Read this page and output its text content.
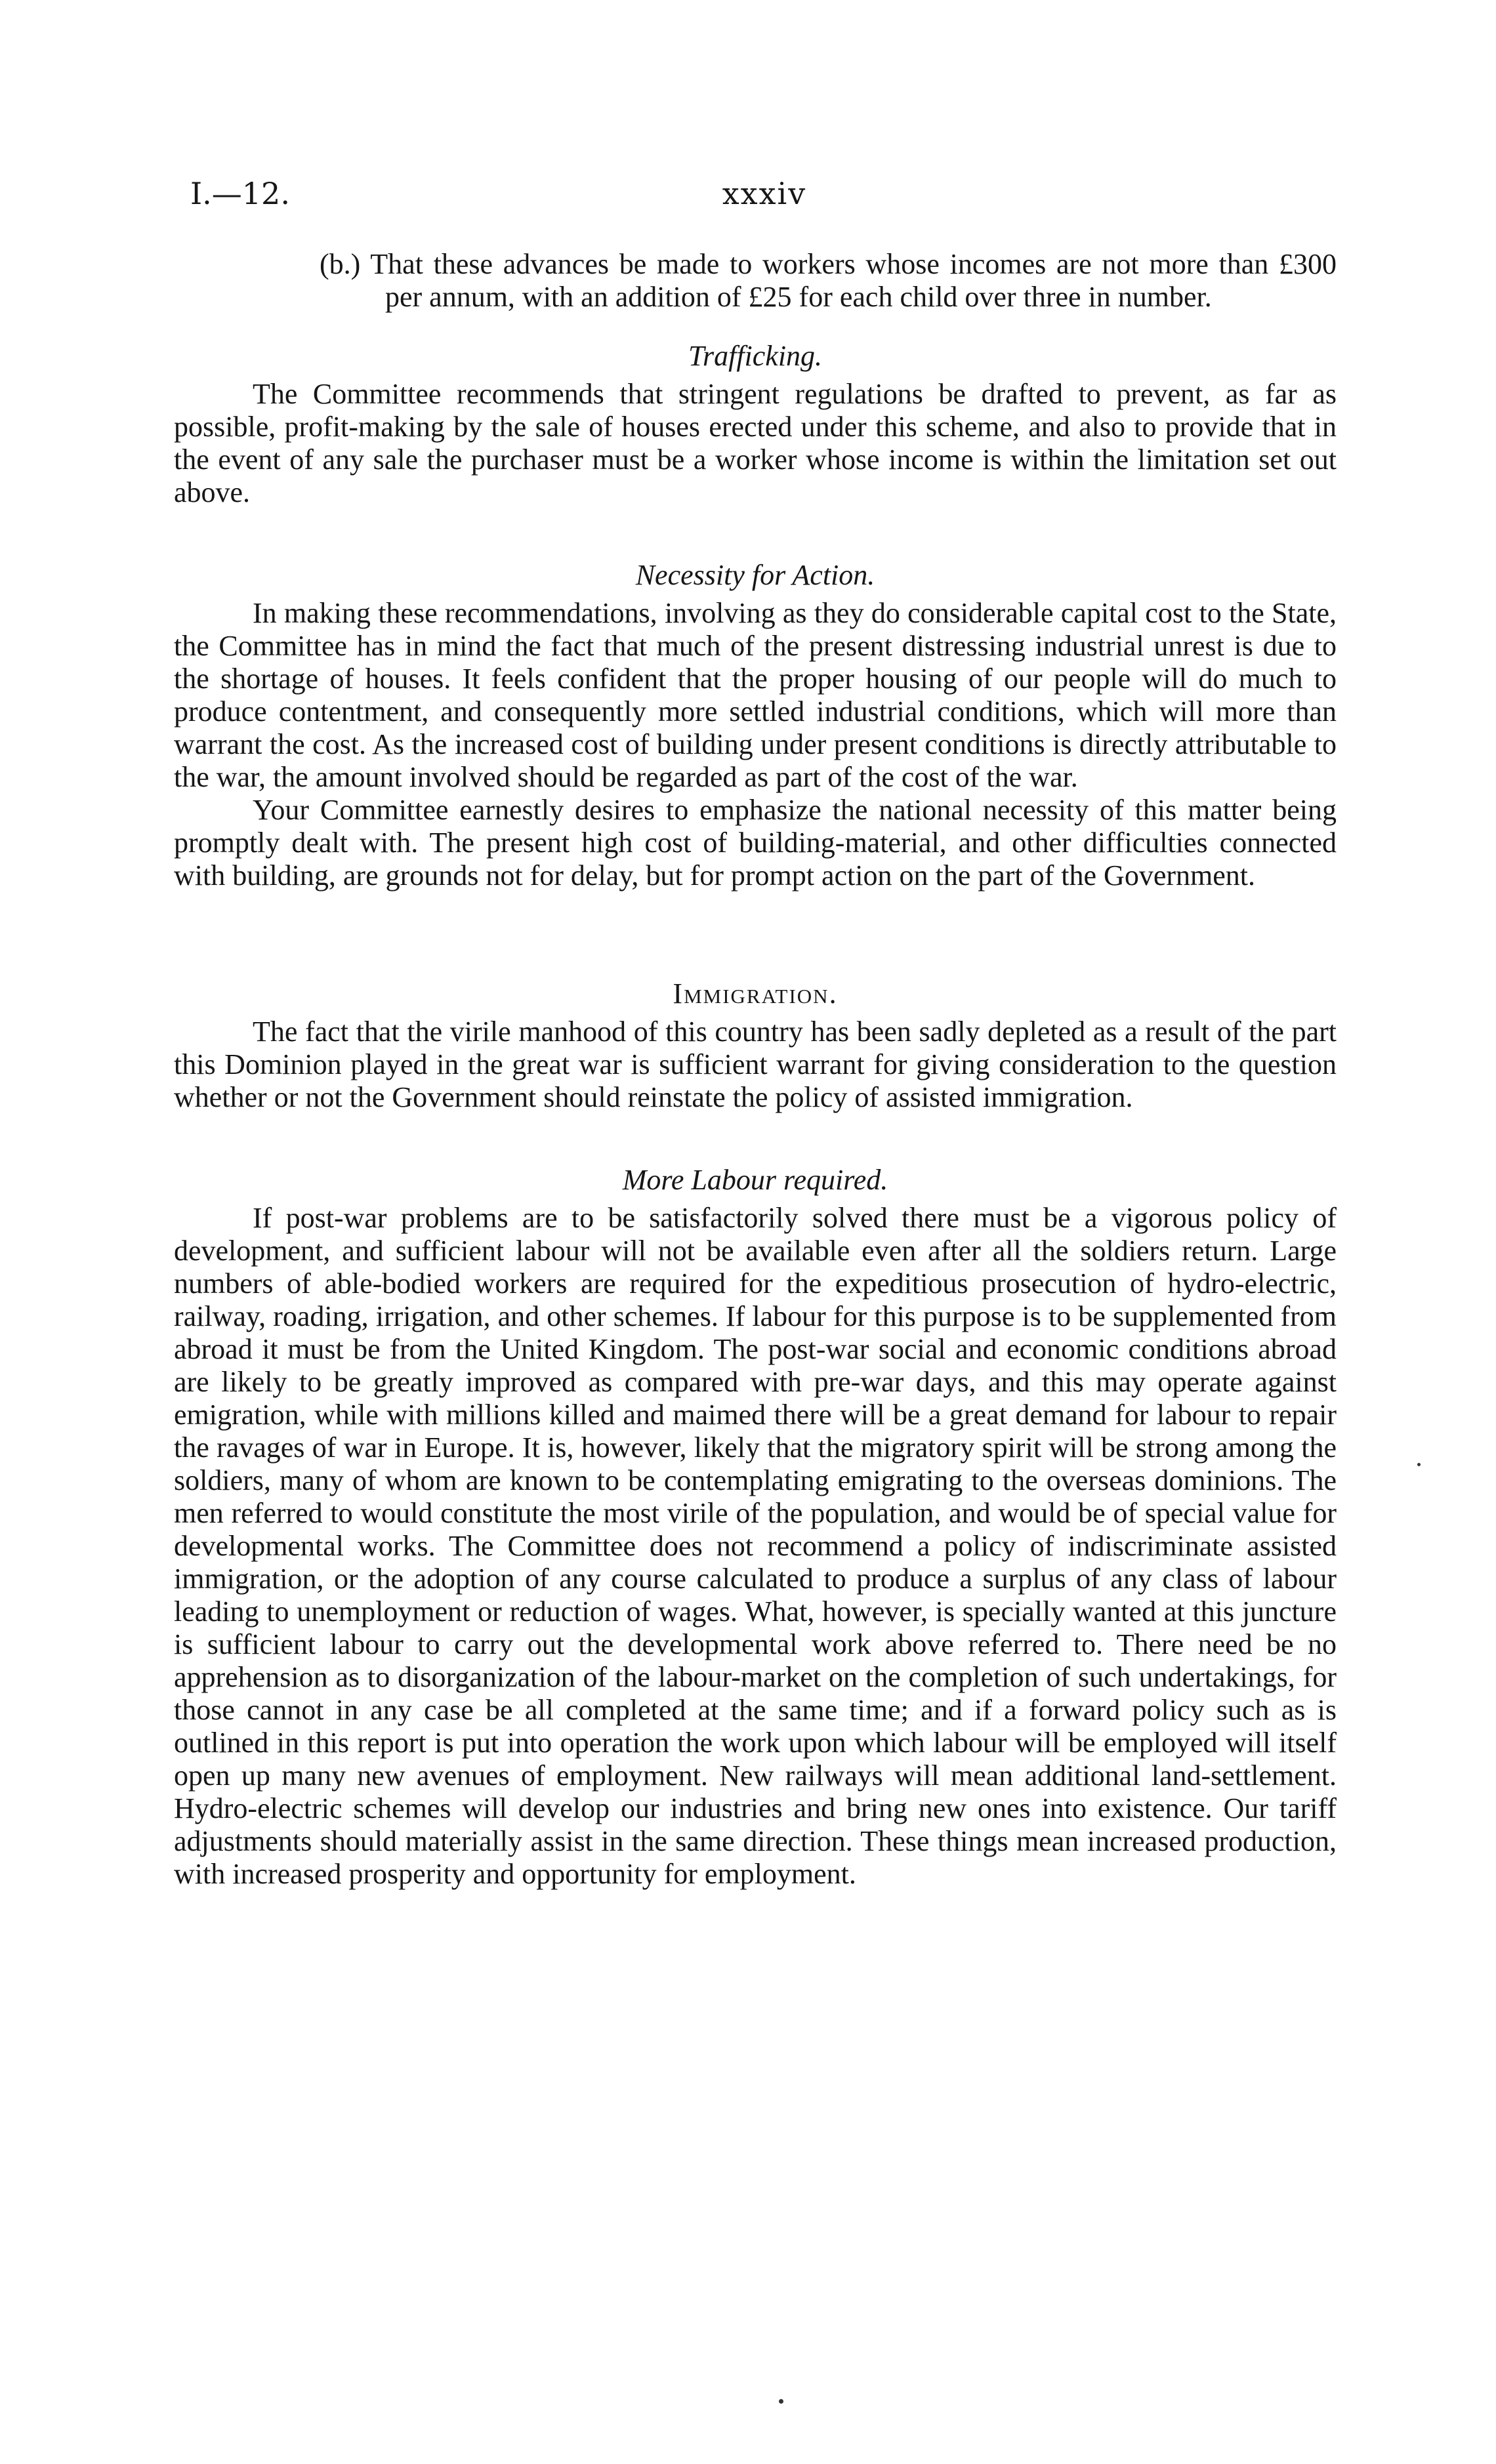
I.—12.	xxxiv

(b.) That these advances be made to workers whose incomes are not more than £300 per annum, with an addition of £25 for each child over three in number.

Trafficking.

The Committee recommends that stringent regulations be drafted to prevent, as far as possible, profit-making by the sale of houses erected under this scheme, and also to provide that in the event of any sale the purchaser must be a worker whose income is within the limitation set out above.

Necessity for Action.

In making these recommendations, involving as they do considerable capital cost to the State, the Committee has in mind the fact that much of the present distressing industrial unrest is due to the shortage of houses. It feels confident that the proper housing of our people will do much to produce contentment, and consequently more settled industrial conditions, which will more than warrant the cost. As the increased cost of building under present conditions is directly attributable to the war, the amount involved should be regarded as part of the cost of the war.

Your Committee earnestly desires to emphasize the national necessity of this matter being promptly dealt with. The present high cost of building-material, and other difficulties connected with building, are grounds not for delay, but for prompt action on the part of the Government.

Immigration.

The fact that the virile manhood of this country has been sadly depleted as a result of the part this Dominion played in the great war is sufficient warrant for giving consideration to the question whether or not the Government should reinstate the policy of assisted immigration.

More Labour required.

If post-war problems are to be satisfactorily solved there must be a vigorous policy of development, and sufficient labour will not be available even after all the soldiers return. Large numbers of able-bodied workers are required for the expeditious prosecution of hydro-electric, railway, roading, irrigation, and other schemes. If labour for this purpose is to be supplemented from abroad it must be from the United Kingdom. The post-war social and economic conditions abroad are likely to be greatly improved as compared with pre-war days, and this may operate against emigration, while with millions killed and maimed there will be a great demand for labour to repair the ravages of war in Europe. It is, however, likely that the migratory spirit will be strong among the soldiers, many of whom are known to be contemplating emigrating to the overseas dominions. The men referred to would constitute the most virile of the population, and would be of special value for developmental works. The Committee does not recommend a policy of indiscriminate assisted immigration, or the adoption of any course calculated to produce a surplus of any class of labour leading to unemployment or reduction of wages. What, however, is specially wanted at this juncture is sufficient labour to carry out the developmental work above referred to. There need be no apprehension as to disorganization of the labour-market on the completion of such undertakings, for those cannot in any case be all completed at the same time; and if a forward policy such as is outlined in this report is put into operation the work upon which labour will be employed will itself open up many new avenues of employment. New railways will mean additional land-settlement. Hydro-electric schemes will develop our industries and bring new ones into existence. Our tariff adjustments should materially assist in the same direction. These things mean increased production, with increased prosperity and opportunity for employment.
